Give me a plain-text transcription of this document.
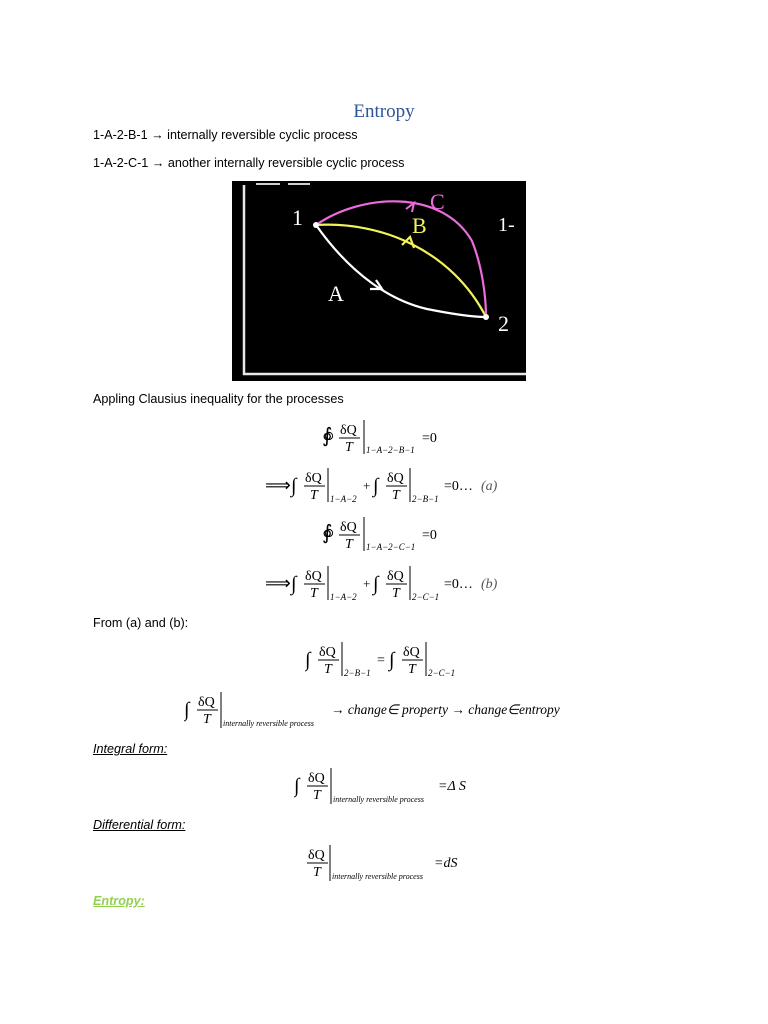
Entropy
1-A-2-B-1 → internally reversible cyclic process
1-A-2-C-1 → another internally reversible cyclic process
1
2
A
B
C
1-
Appling Clausius inequality for the processes
∮ δQ
T 1−A−2−B−1
=0
⟹ ∫ δQ
T 1−A−2
+ ∫ δQ
T 2−B−1
=0… (a)
∮ δQ
T 1−A−2−C−1
=0
⟹ ∫ δQ
T 1−A−2
+ ∫ δQ
T 2−C−1
=0… (b)
From (a) and (b):
∫ δQ
T 2−B−1
= ∫ δQ
T 2−C−1
∫ δQ
T internally reversible process
→ change∈ property → change∈entropy
Integral form:
∫ δQ
T internally reversible process
=Δ S
Differential form:
δQ
T internally reversible process
=dS
Entropy:
